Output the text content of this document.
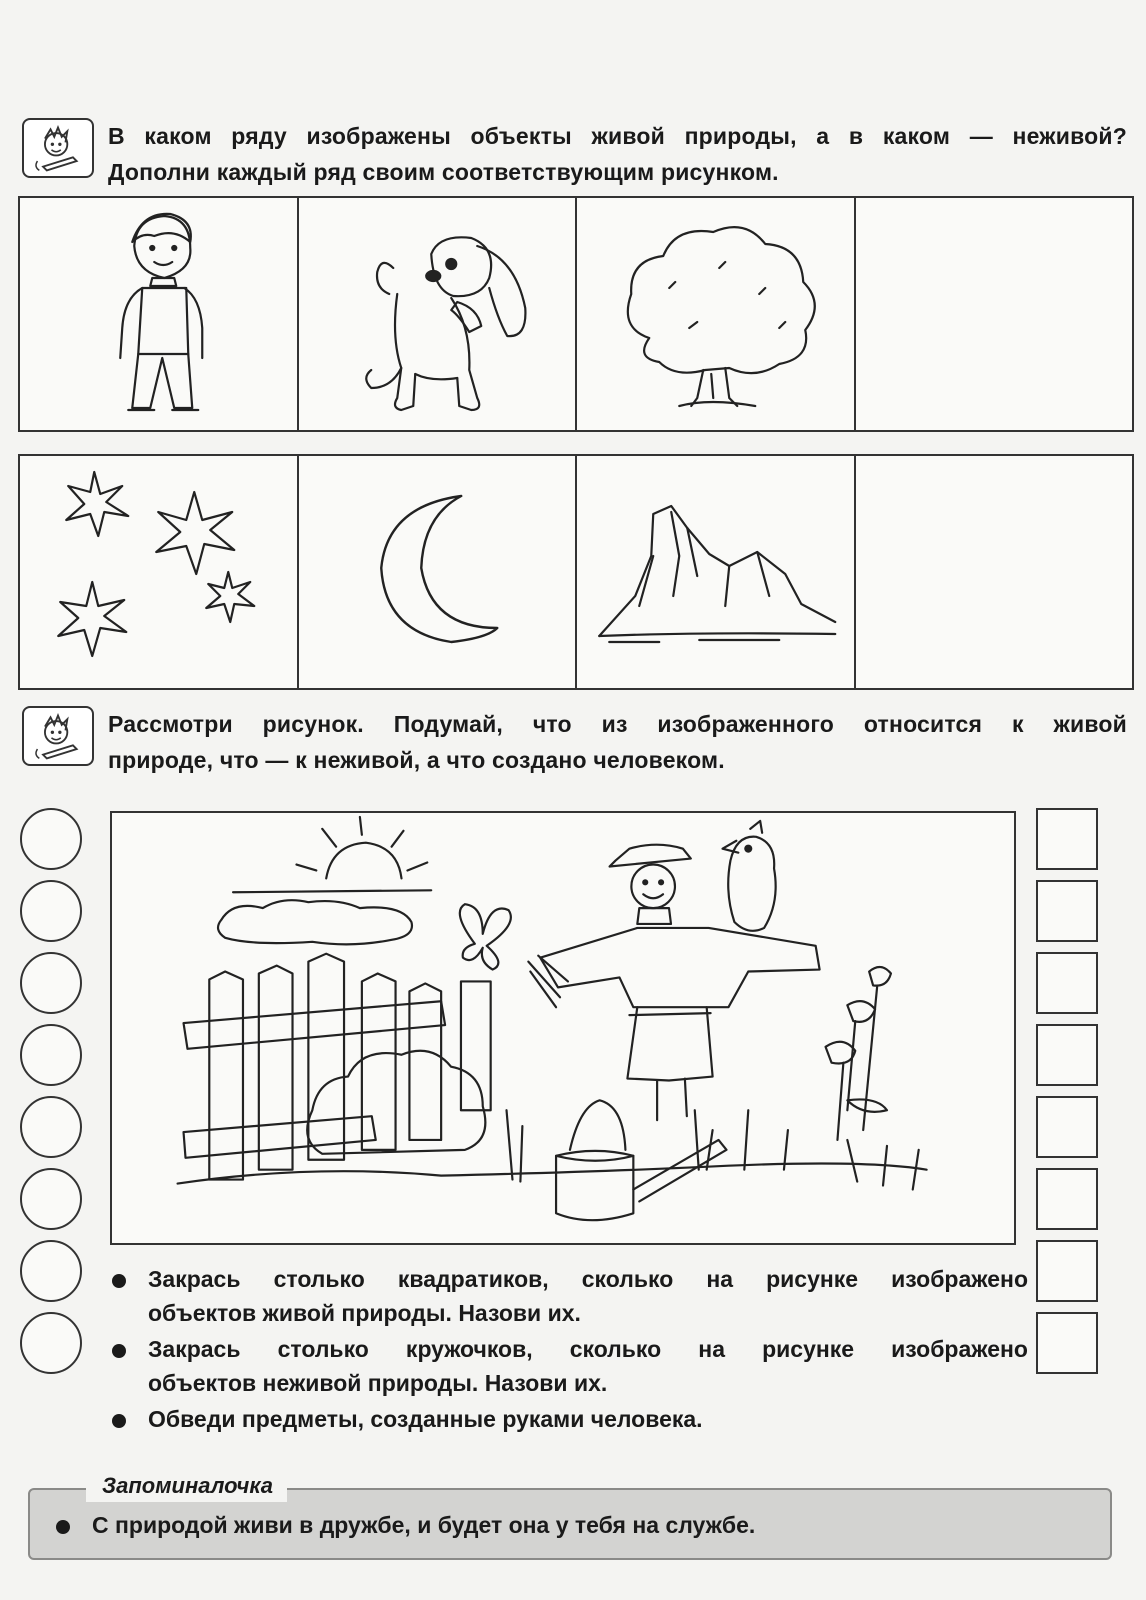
В каком ряду изображены объекты живой природы, а в каком — неживой?
Дополни каждый ряд своим соответствующим рисунком.
Рассмотри рисунок. Подумай, что из изображенного относится к живой
природе, что — к неживой, а что создано человеком.
Закрась столько квадратиков, сколько на рисунке изображено
объектов живой природы. Назови их.
Закрась столько кружочков, сколько на рисунке изображено
объектов неживой природы. Назови их.
Обведи предметы, созданные руками человека.
Запоминалочка
С природой живи в дружбе, и будет она у тебя на службе.
